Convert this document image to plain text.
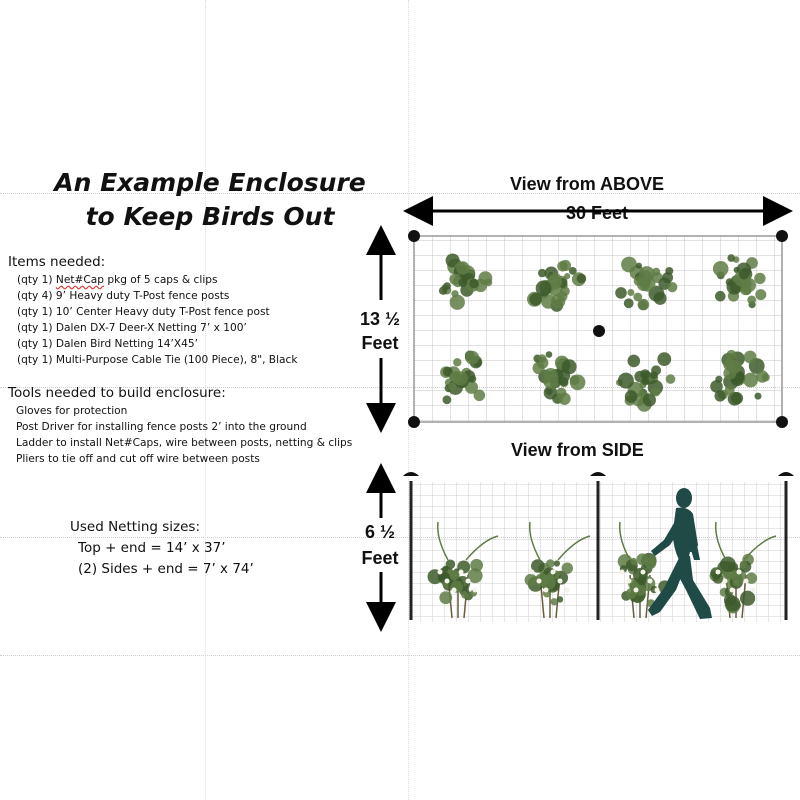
An Example Enclosure
to Keep Birds Out
Items needed:
(qty 1) Net#Cap pkg of 5 caps & clips
(qty 4) 9’ Heavy duty T-Post fence posts
(qty 1) 10’ Center Heavy duty T-Post fence post
(qty 1) Dalen DX-7 Deer-X Netting 7’ x 100’
(qty 1) Dalen Bird Netting 14’X45’
(qty 1) Multi-Purpose Cable Tie (100 Piece), 8", Black
Tools needed to build enclosure:
Gloves for protection
Post Driver for installing fence posts 2’ into the ground
Ladder to install Net#Caps, wire between posts, netting & clips
Pliers to tie off and cut off wire between posts
Used Netting sizes:
Top + end = 14’ x 37’
(2) Sides + end = 7’ x 74’
View from ABOVE
30 Feet
13 ½
Feet
View from SIDE
6 ½
Feet
